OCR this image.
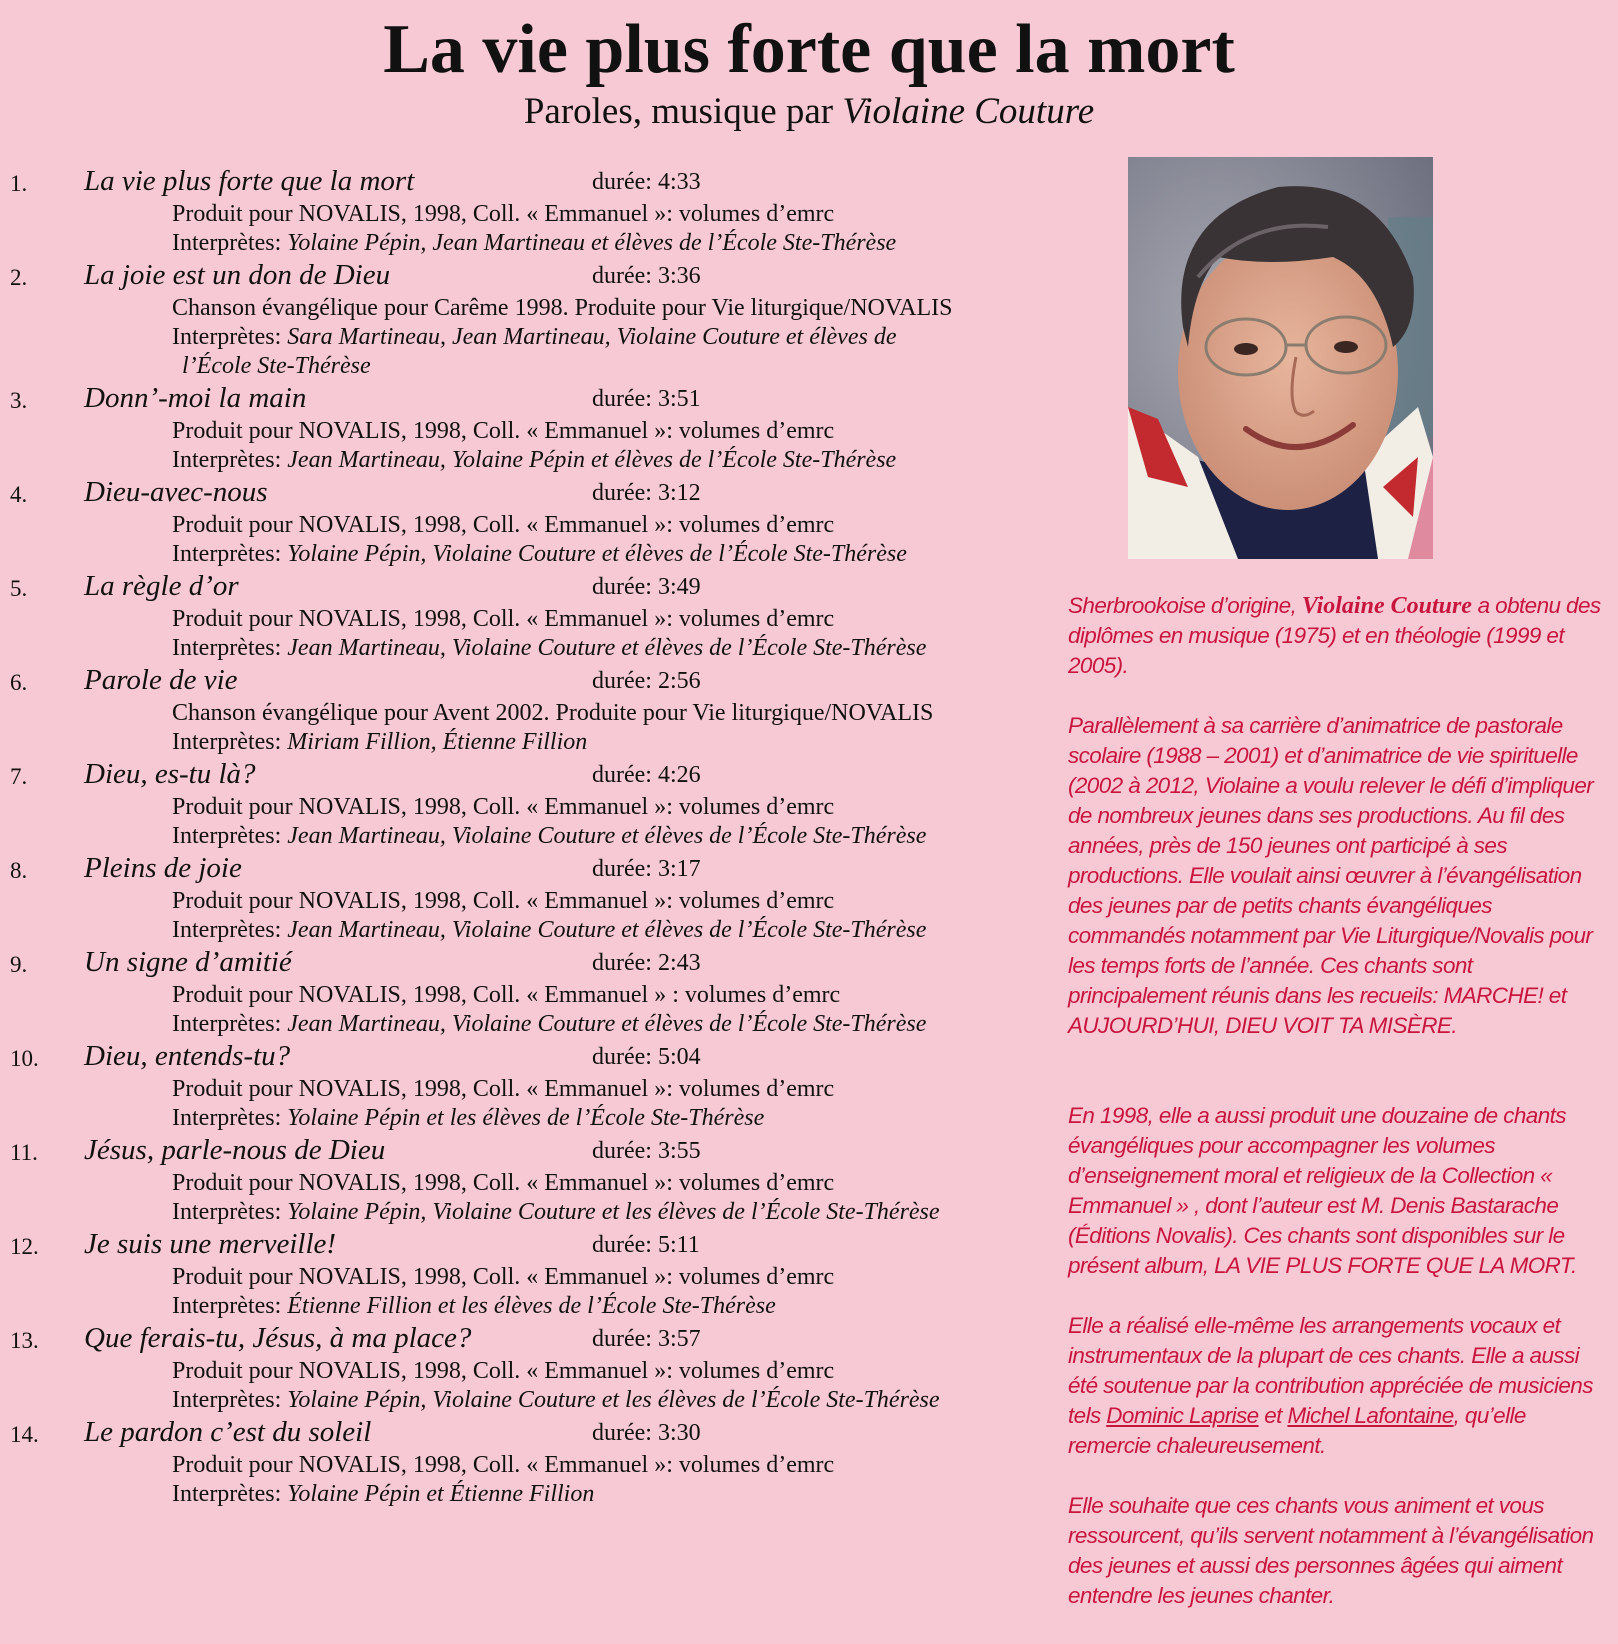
La vie plus forte que la mort
Paroles, musique par Violaine Couture
1. La vie plus forte que la mort	durée: 4:33
Produit pour NOVALIS, 1998, Coll. « Emmanuel »: volumes d’emrc
Interprètes: Yolaine Pépin, Jean Martineau et élèves de l’École Ste-Thérèse
2. La joie est un don de Dieu	durée: 3:36
Chanson évangélique pour Carême 1998. Produite pour Vie liturgique/NOVALIS
Interprètes: Sara Martineau, Jean Martineau, Violaine Couture et élèves de
l’École Ste-Thérèse
3. Donn’-moi la main	durée: 3:51
Produit pour NOVALIS, 1998, Coll. « Emmanuel »: volumes d’emrc
Interprètes: Jean Martineau, Yolaine Pépin et élèves de l’École Ste-Thérèse
4. Dieu-avec-nous	durée: 3:12
Produit pour NOVALIS, 1998, Coll. « Emmanuel »: volumes d’emrc
Interprètes: Yolaine Pépin, Violaine Couture et élèves de l’École Ste-Thérèse
5. La règle d’or	durée: 3:49
Produit pour NOVALIS, 1998, Coll. « Emmanuel »: volumes d’emrc
Interprètes: Jean Martineau, Violaine Couture et élèves de l’École Ste-Thérèse
6. Parole de vie	durée: 2:56
Chanson évangélique pour Avent 2002. Produite pour Vie liturgique/NOVALIS
Interprètes: Miriam Fillion, Étienne Fillion
7. Dieu, es-tu là?	durée: 4:26
Produit pour NOVALIS, 1998, Coll. « Emmanuel »: volumes d’emrc
Interprètes: Jean Martineau, Violaine Couture et élèves de l’École Ste-Thérèse
8. Pleins de joie	durée: 3:17
Produit pour NOVALIS, 1998, Coll. « Emmanuel »: volumes d’emrc
Interprètes: Jean Martineau, Violaine Couture et élèves de l’École Ste-Thérèse
9. Un signe d’amitié	durée: 2:43
Produit pour NOVALIS, 1998, Coll. « Emmanuel » : volumes d’emrc
Interprètes: Jean Martineau, Violaine Couture et élèves de l’École Ste-Thérèse
10. Dieu, entends-tu?	durée: 5:04
Produit pour NOVALIS, 1998, Coll. « Emmanuel »: volumes d’emrc
Interprètes: Yolaine Pépin et les élèves de l’École Ste-Thérèse
11. Jésus, parle-nous de Dieu	durée: 3:55
Produit pour NOVALIS, 1998, Coll. « Emmanuel »: volumes d’emrc
Interprètes: Yolaine Pépin, Violaine Couture et les élèves de l’École Ste-Thérèse
12. Je suis une merveille!	durée: 5:11
Produit pour NOVALIS, 1998, Coll. « Emmanuel »: volumes d’emrc
Interprètes: Étienne Fillion et les élèves de l’École Ste-Thérèse
13. Que ferais-tu, Jésus, à ma place?	durée: 3:57
Produit pour NOVALIS, 1998, Coll. « Emmanuel »: volumes d’emrc
Interprètes: Yolaine Pépin, Violaine Couture et les élèves de l’École Ste-Thérèse
14. Le pardon c’est du soleil	durée: 3:30
Produit pour NOVALIS, 1998, Coll. « Emmanuel »: volumes d’emrc
Interprètes: Yolaine Pépin et Étienne Fillion

Sherbrookoise d’origine, Violaine Couture a obtenu des diplômes en musique (1975) et en théologie (1999 et 2005).

Parallèlement à sa carrière d’animatrice de pastorale scolaire (1988 – 2001) et d’animatrice de vie spirituelle (2002 à 2012, Violaine a voulu relever le défi d’impliquer de nombreux jeunes dans ses productions. Au fil des années, près de 150 jeunes ont participé à ses productions. Elle voulait ainsi œuvrer à l’évangélisation des jeunes par de petits chants évangéliques commandés notamment par Vie Liturgique/Novalis pour les temps forts de l’année. Ces chants sont principalement réunis dans les recueils: MARCHE! et
AUJOURD’HUI, DIEU VOIT TA MISÈRE.

En 1998, elle a aussi produit une douzaine de chants évangéliques pour accompagner les volumes d’enseignement moral et religieux de la Collection « Emmanuel » , dont l’auteur est M. Denis Bastarache (Éditions Novalis). Ces chants sont disponibles sur le présent album, LA VIE PLUS FORTE QUE LA MORT.

Elle a réalisé elle-même les arrangements vocaux et instrumentaux de la plupart de ces chants. Elle a aussi été soutenue par la contribution appréciée de musiciens tels Dominic Laprise et Michel Lafontaine, qu’elle remercie chaleureusement.

Elle souhaite que ces chants vous animent et vous ressourcent, qu’ils servent notamment à l’évangélisation des jeunes et aussi des personnes âgées qui aiment entendre les jeunes chanter.
